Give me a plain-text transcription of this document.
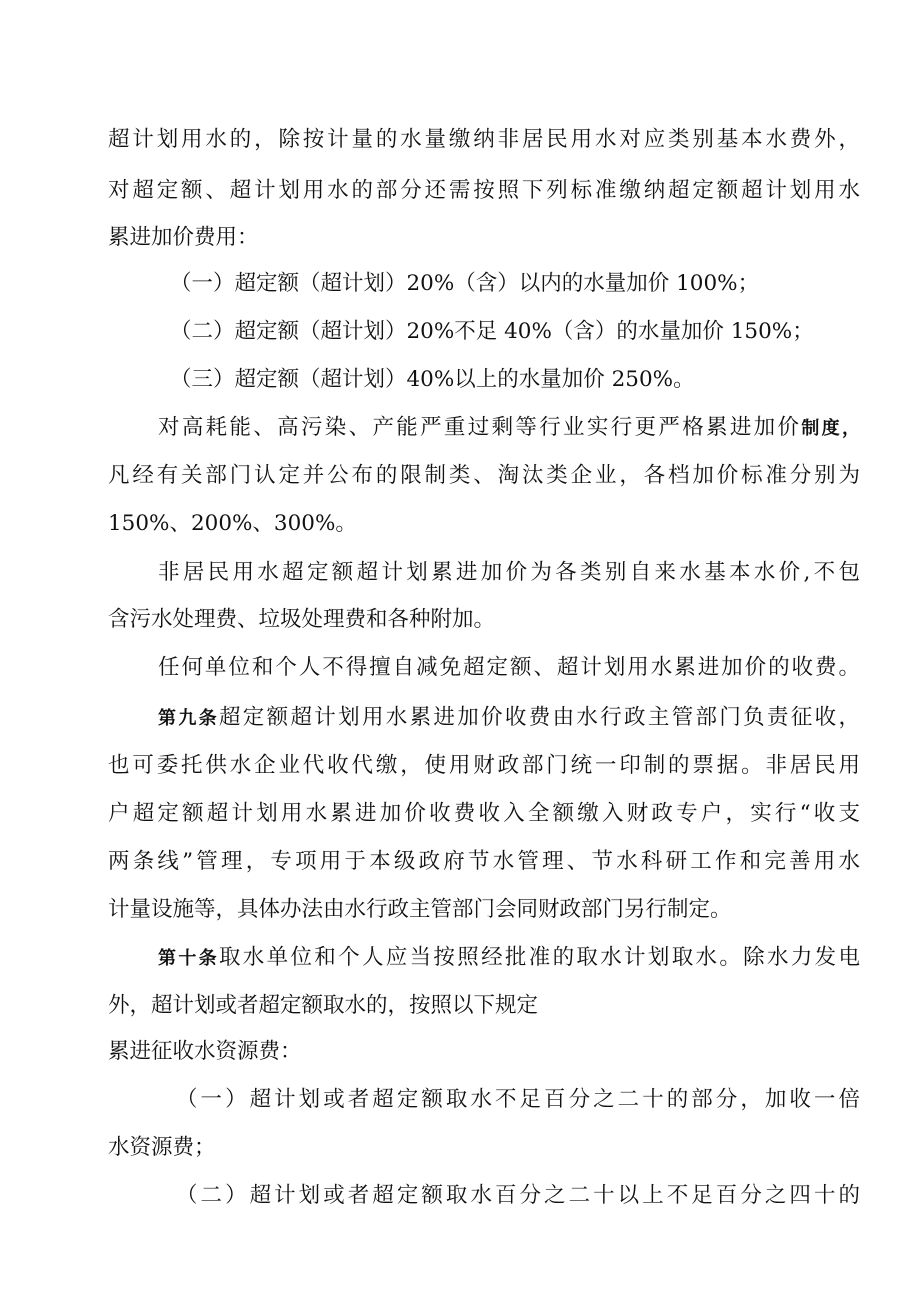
超计划用水的，除按计量的水量缴纳非居民用水对应类别基本水费外，
对超定额、超计划用水的部分还需按照下列标准缴纳超定额超计划用水
累进加价费用：
（一）超定额（超计划）20%（含）以内的水量加价 100%；
（二）超定额（超计划）20%不足 40%（含）的水量加价 150%；
（三）超定额（超计划）40%以上的水量加价 250%。
对高耗能、高污染、产能严重过剩等行业实行更严格累进加价制度，
凡经有关部门认定并公布的限制类、淘汰类企业，各档加价标准分别为
150%、200%、300%。
非居民用水超定额超计划累进加价为各类别自来水基本水价,不包
含污水处理费、垃圾处理费和各种附加。
任何单位和个人不得擅自减免超定额、超计划用水累进加价的收费。
第九条超定额超计划用水累进加价收费由水行政主管部门负责征收，
也可委托供水企业代收代缴，使用财政部门统一印制的票据。非居民用
户超定额超计划用水累进加价收费收入全额缴入财政专户，实行“收支
两条线”管理，专项用于本级政府节水管理、节水科研工作和完善用水
计量设施等，具体办法由水行政主管部门会同财政部门另行制定。
第十条取水单位和个人应当按照经批准的取水计划取水。除水力发电
外，超计划或者超定额取水的，按照以下规定
累进征收水资源费：
（一）超计划或者超定额取水不足百分之二十的部分，加收一倍
水资源费；
（二）超计划或者超定额取水百分之二十以上不足百分之四十的
